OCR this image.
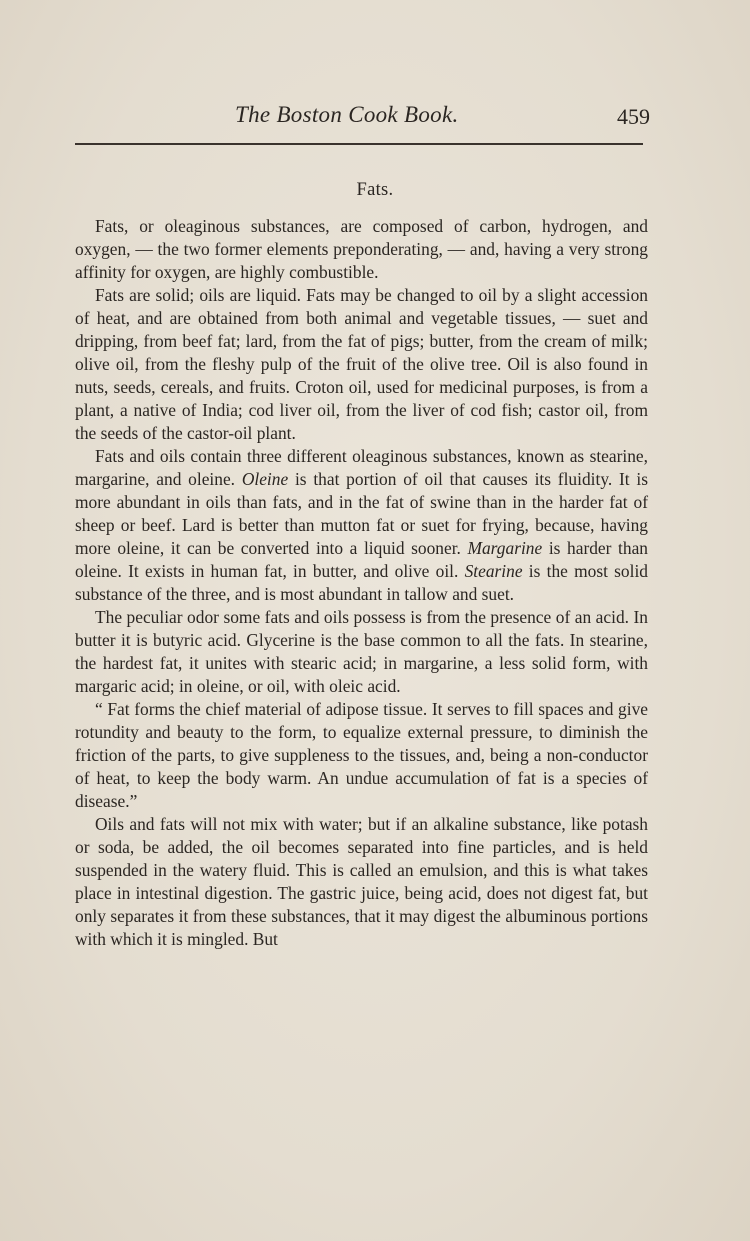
The Boston Cook Book.	459
Fats.

Fats, or oleaginous substances, are composed of carbon, hydrogen, and oxygen, — the two former elements preponderating, — and, having a very strong affinity for oxygen, are highly combustible.

Fats are solid; oils are liquid. Fats may be changed to oil by a slight accession of heat, and are obtained from both animal and vegetable tissues, — suet and dripping, from beef fat; lard, from the fat of pigs; butter, from the cream of milk; olive oil, from the fleshy pulp of the fruit of the olive tree. Oil is also found in nuts, seeds, cereals, and fruits. Croton oil, used for medicinal purposes, is from a plant, a native of India; cod liver oil, from the liver of cod fish; castor oil, from the seeds of the castor-oil plant.

Fats and oils contain three different oleaginous substances, known as stearine, margarine, and oleine. Oleine is that portion of oil that causes its fluidity. It is more abundant in oils than fats, and in the fat of swine than in the harder fat of sheep or beef. Lard is better than mutton fat or suet for frying, because, having more oleine, it can be converted into a liquid sooner. Margarine is harder than oleine. It exists in human fat, in butter, and olive oil. Stearine is the most solid substance of the three, and is most abundant in tallow and suet.

The peculiar odor some fats and oils possess is from the presence of an acid. In butter it is butyric acid. Glycerine is the base common to all the fats. In stearine, the hardest fat, it unites with stearic acid; in margarine, a less solid form, with margaric acid; in oleine, or oil, with oleic acid.

“ Fat forms the chief material of adipose tissue. It serves to fill spaces and give rotundity and beauty to the form, to equalize external pressure, to diminish the friction of the parts, to give suppleness to the tissues, and, being a non-conductor of heat, to keep the body warm. An undue accumulation of fat is a species of disease.”

Oils and fats will not mix with water; but if an alkaline substance, like potash or soda, be added, the oil becomes separated into fine particles, and is held suspended in the watery fluid. This is called an emulsion, and this is what takes place in intestinal digestion. The gastric juice, being acid, does not digest fat, but only separates it from these substances, that it may digest the albuminous portions with which it is mingled. But
